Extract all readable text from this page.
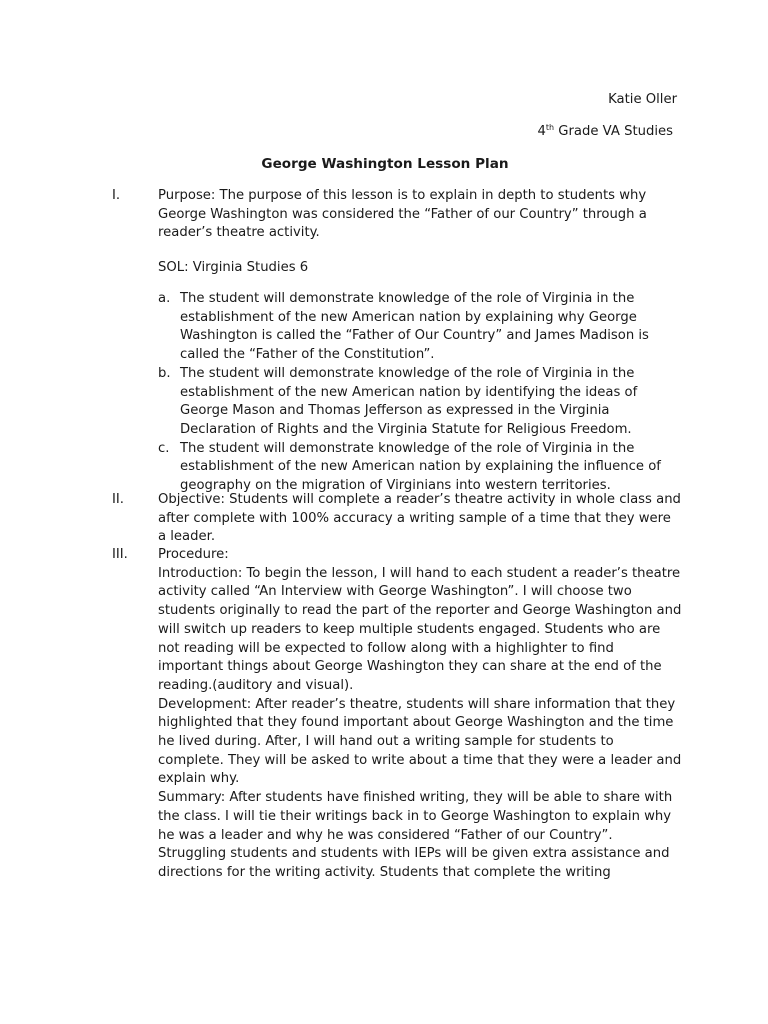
Katie Oller

4th Grade VA Studies

George Washington Lesson Plan

I.	Purpose: The purpose of this lesson is to explain in depth to students why George Washington was considered the “Father of our Country” through a reader’s theatre activity.

SOL: Virginia Studies 6

a. The student will demonstrate knowledge of the role of Virginia in the establishment of the new American nation by explaining why George Washington is called the “Father of Our Country” and James Madison is called the “Father of the Constitution”.
b. The student will demonstrate knowledge of the role of Virginia in the establishment of the new American nation by identifying the ideas of George Mason and Thomas Jefferson as expressed in the Virginia Declaration of Rights and the Virginia Statute for Religious Freedom.
c. The student will demonstrate knowledge of the role of Virginia in the establishment of the new American nation by explaining the influence of geography on the migration of Virginians into western territories.
II.	Objective: Students will complete a reader’s theatre activity in whole class and after complete with 100% accuracy a writing sample of a time that they were a leader.

III.	Procedure:

Introduction: To begin the lesson, I will hand to each student a reader’s theatre activity called “An Interview with George Washington”. I will choose two students originally to read the part of the reporter and George Washington and will switch up readers to keep multiple students engaged. Students who are not reading will be expected to follow along with a highlighter to find important things about George Washington they can share at the end of the reading.(auditory and visual).

Development: After reader’s theatre, students will share information that they highlighted that they found important about George Washington and the time he lived during. After, I will hand out a writing sample for students to complete. They will be asked to write about a time that they were a leader and explain why.

Summary: After students have finished writing, they will be able to share with the class. I will tie their writings back in to George Washington to explain why he was a leader and why he was considered “Father of our Country”.

Struggling students and students with IEPs will be given extra assistance and directions for the writing activity. Students that complete the writing
